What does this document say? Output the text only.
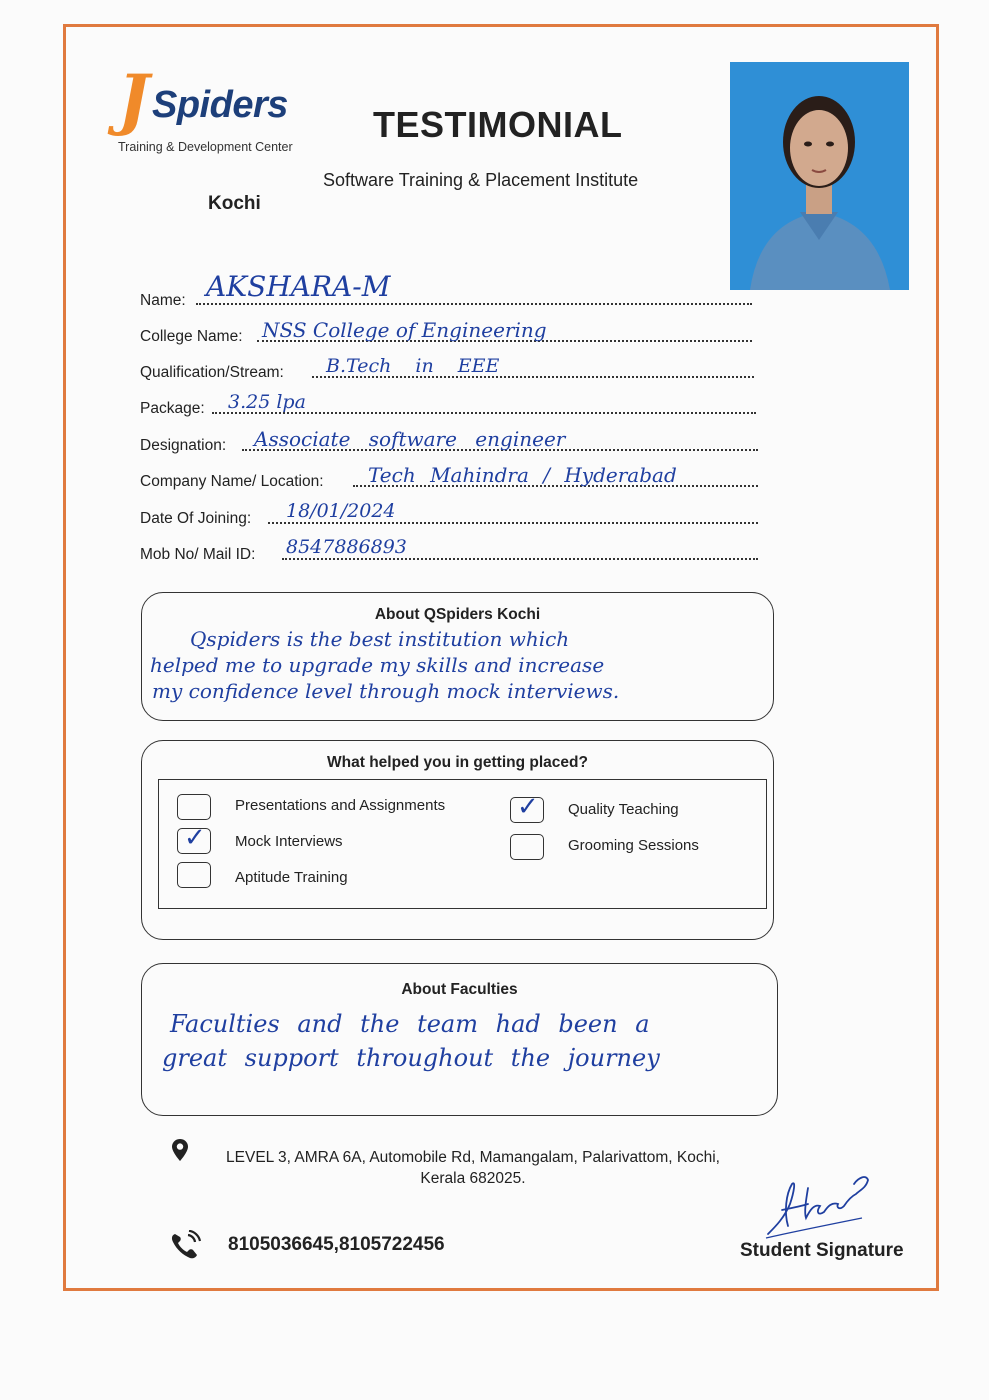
J Spiders
Training & Development Center
Kochi
TESTIMONIAL
Software Training & Placement Institute
Name: AKSHARA-M
College Name: NSS College of Engineering
Qualification/Stream: B.Tech in EEE
Package: 3.25 lpa
Designation: Associate software engineer
Company Name/ Location: Tech Mahindra / Hyderabad
Date Of Joining: 18/01/2024
Mob No/ Mail ID: 8547886893
About QSpiders Kochi
Qspiders is the best institution which
helped me to upgrade my skills and increase
my confidence level through mock interviews.
What helped you in getting placed?
Presentations and Assignments
✓ Mock Interviews
Aptitude Training
✓ Quality Teaching
Grooming Sessions
About Faculties
Faculties and the team had been a
great support throughout the journey
LEVEL 3, AMRA 6A, Automobile Rd, Mamangalam, Palarivattom, Kochi,
Kerala 682025.
8105036645,8105722456	Student Signature
